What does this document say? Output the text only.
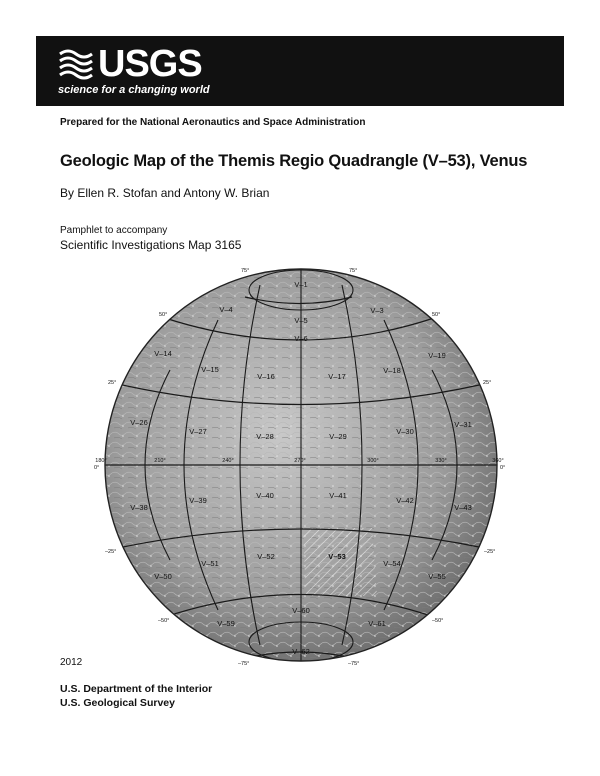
USGS
science for a changing world
Prepared for the National Aeronautics and Space Administration
Geologic Map of the Themis Regio Quadrangle (V–53), Venus
By Ellen R. Stofan and Antony W. Brian
Pamphlet to accompany
Scientific Investigations Map 3165
V–1
V–3
V–4
V–5
V–6
V–14
V–15
V–16	V–17
V–18
V–19
V–26
V–27
V–28	V–29
V–30
V–31
V–38
V–39
V–40	V–41
V–42
V–43
V–50
V–51
V–52	V–53
V–54
V–55
V–59
V–60
V–61
V–62
75°	75°
50°	50°
25°	25°
0°	0°
–25°	–25°
–50°	–50°
–75°	–75°
180°	210°	240°	270°	300°	330°	360°
2012
U.S. Department of the Interior
U.S. Geological Survey
